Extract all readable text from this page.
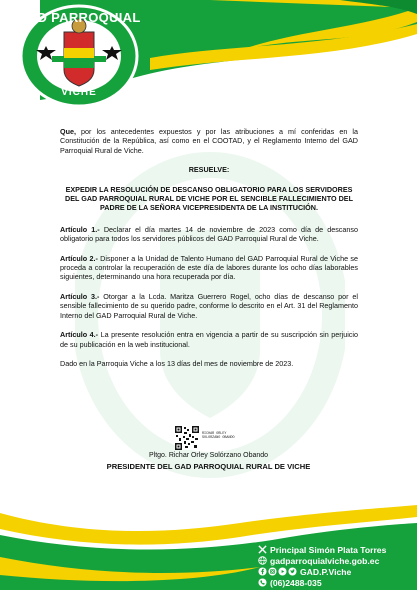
GAD PARROQUIAL
VICHE

Que, por los antecedentes expuestos y por las atribuciones a mí conferidas en la Constitución de la República, así como en el COOTAD, y el Reglamento Interno del GAD Parroquial Rural de Viche.

RESUELVE:
EXPEDIR LA RESOLUCIÓN DE DESCANSO OBLIGATORIO PARA LOS SERVIDORES DEL GAD PARROQUIAL RURAL DE VICHE POR EL SENCIBLE FALLECIMIENTO DEL PADRE DE LA SEÑORA VICEPRESIDENTA DE LA INSTITUCIÓN.

Artículo 1.- Declarar el día martes 14 de noviembre de 2023 como día de descanso obligatorio para todos los servidores públicos del GAD Parroquial Rural de Viche.

Artículo 2.- Disponer a la Unidad de Talento Humano del GAD Parroquial Rural de Viche se proceda a controlar la recuperación de este día de labores durante los ocho días laborables siguientes, determinando una hora recuperada por día.

Artículo 3.- Otorgar a la Lcda. Maritza Guerrero Rogel, ocho días de descanso por el sensible fallecimiento de su querido padre, conforme lo descrito en el Art. 31 del Reglamento Interno del GAD Parroquial Rural de Viche.

Artículo 4.- La presente resolución entra en vigencia a partir de su suscripción sin perjuicio de su publicación en la web institucional.

Dado en la Parroquia Viche a los 13 días del mes de noviembre de 2023.

RICHAR ORLEY
SOLORZANO OBANDO
Pltgo. Richar Orley Solórzano Obando
PRESIDENTE DEL GAD PARROQUIAL RURAL DE VICHE
Principal Simón Plata Torres
gadparroquialviche.gob.ec
GAD.P.Viche
(06)2488-035
